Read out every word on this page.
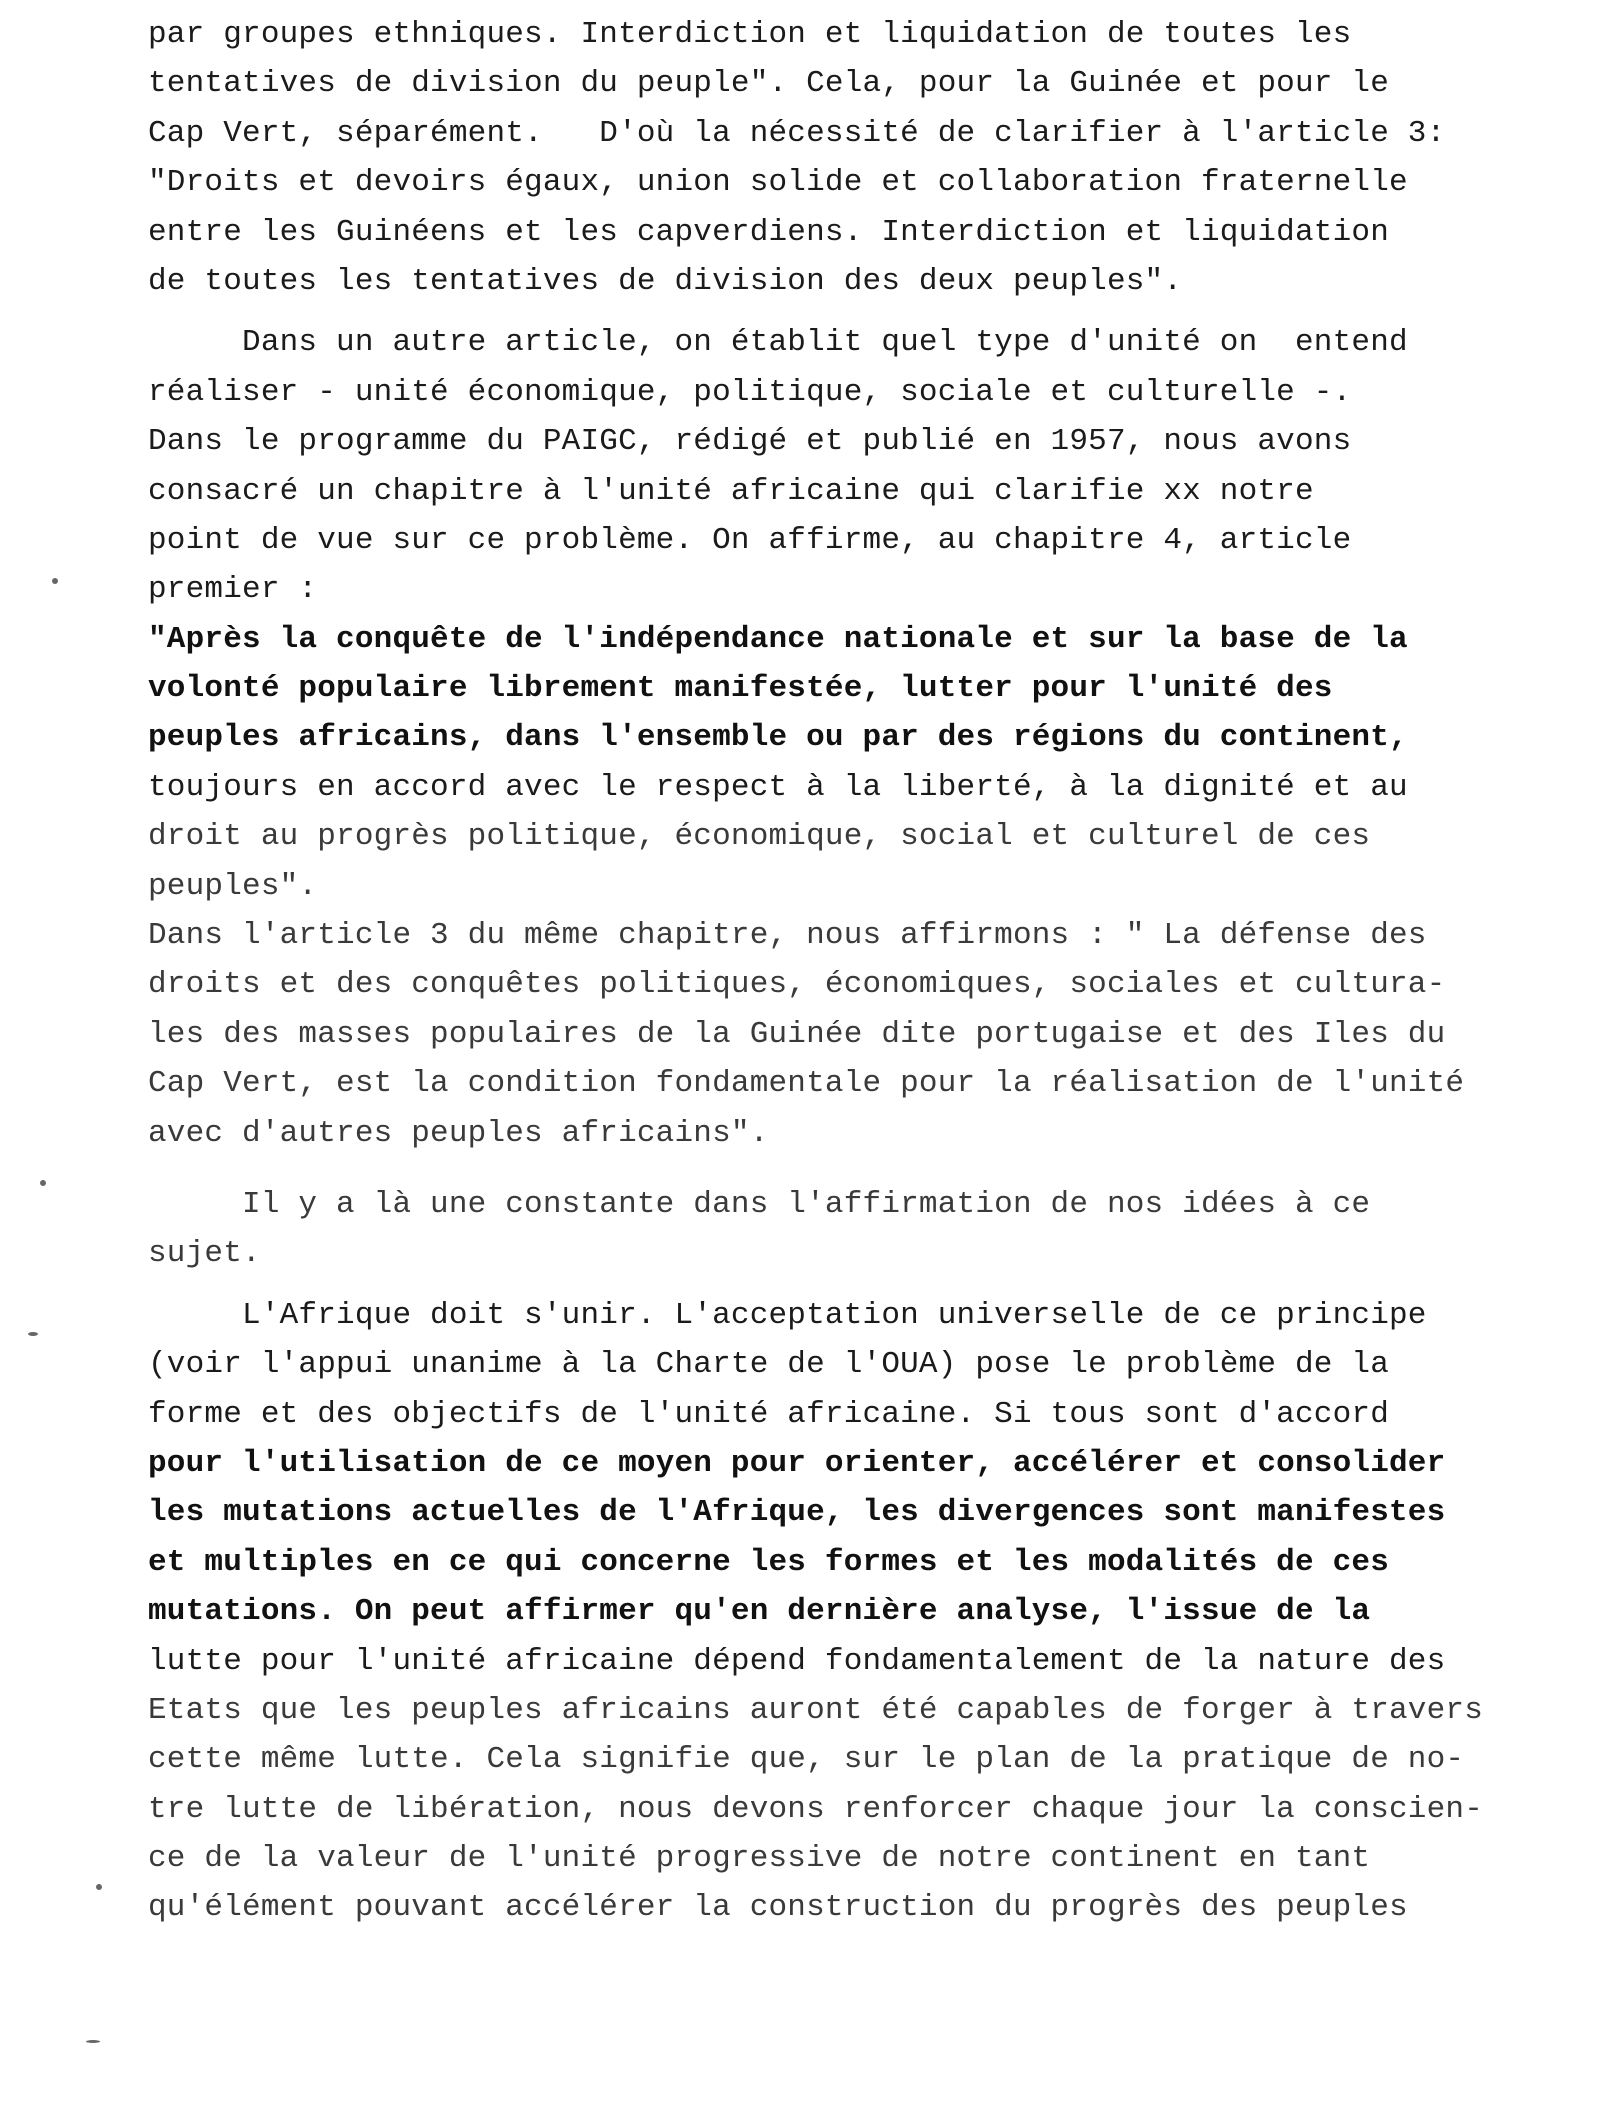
par groupes ethniques. Interdiction et liquidation de toutes les
tentatives de division du peuple". Cela, pour la Guinée et pour le
Cap Vert, séparément.   D'où la nécessité de clarifier à l'article 3:
"Droits et devoirs égaux, union solide et collaboration fraternelle
entre les Guinéens et les capverdiens. Interdiction et liquidation
de toutes les tentatives de division des deux peuples".
Dans un autre article, on établit quel type d'unité on  entend
réaliser - unité économique, politique, sociale et culturelle -.
Dans le programme du PAIGC, rédigé et publié en 1957, nous avons
consacré un chapitre à l'unité africaine qui clarifie xx notre
point de vue sur ce problème. On affirme, au chapitre 4, article
premier :
"Après la conquête de l'indépendance nationale et sur la base de la
volonté populaire librement manifestée, lutter pour l'unité des
peuples africains, dans l'ensemble ou par des régions du continent,
toujours en accord avec le respect à la liberté, à la dignité et au
droit au progrès politique, économique, social et culturel de ces
peuples".
Dans l'article 3 du même chapitre, nous affirmons : " La défense des
droits et des conquêtes politiques, économiques, sociales et cultura-
les des masses populaires de la Guinée dite portugaise et des Iles du
Cap Vert, est la condition fondamentale pour la réalisation de l'unité
avec d'autres peuples africains".
Il y a là une constante dans l'affirmation de nos idées à ce
sujet.
L'Afrique doit s'unir. L'acceptation universelle de ce principe
(voir l'appui unanime à la Charte de l'OUA) pose le problème de la
forme et des objectifs de l'unité africaine. Si tous sont d'accord
pour l'utilisation de ce moyen pour orienter, accélérer et consolider
les mutations actuelles de l'Afrique, les divergences sont manifestes
et multiples en ce qui concerne les formes et les modalités de ces
mutations. On peut affirmer qu'en dernière analyse, l'issue de la
lutte pour l'unité africaine dépend fondamentalement de la nature des
Etats que les peuples africains auront été capables de forger à travers
cette même lutte. Cela signifie que, sur le plan de la pratique de no-
tre lutte de libération, nous devons renforcer chaque jour la conscien-
ce de la valeur de l'unité progressive de notre continent en tant
qu'élément pouvant accélérer la construction du progrès des peuples
